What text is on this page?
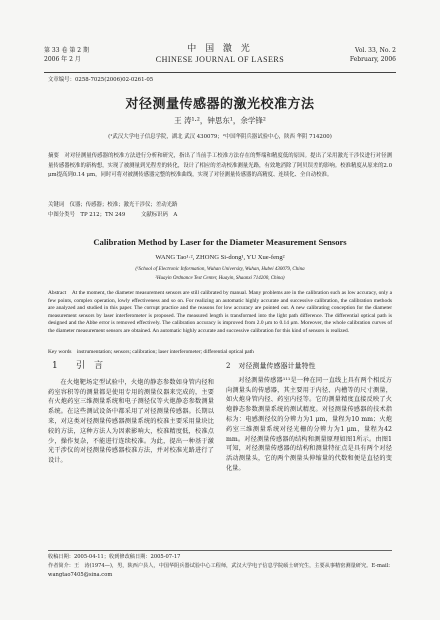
第 33 卷 第 2 期
2006 年 2 月
中 国 激 光
CHINESE JOURNAL OF LASERS
Vol. 33, No. 2
February, 2006
文章编号：0258-7025(2006)02-0261-05
对径测量传感器的激光校准方法
王 涛¹·²，钟思东¹，余学锋²
(¹武汉大学电子信息学院，湖北 武汉 430079；²中国华阴兵器试验中心，陕西 华阴 714200)
摘要　对对径测量传感器的校准方法进行分析和研究，指出了当前手工校准方法存在的弊端和精度低的原因。提出了采用激光干涉仪进行对径测量传感器校准的新构想，实现了被测量到光程差的转化，设计了相应的差动校准测量光路，有效地消除了阿贝误差的影响。校准精度从原来的2.0 μm提高到0.14 μm，同时可将对被测传感器完整的校准曲线，实现了对径测量传感器的高精度、连续化、全自动校准。
关键词　仪器；传感器；校准；激光干涉仪；差动光路
中图分类号　TP 212；TN 249	文献标识码　A
Calibration Method by Laser for the Diameter Measurement Sensors
WANG Tao¹·², ZHONG Si-dong¹, YU Xue-feng²
(¹School of Electronic Information, Wuhan University, Wuhan, Hubei 430079, China
²Huayin Ordnance Test Center, Huayin, Shaanxi 714200, China)
Abstract　At the moment, the diameter measurement sensors are still calibrated by manual. Many problems are in the calibration such as low accuracy, only a few points, complex operation, lowly effectiveness and so on. For realizing an automatic highly accurate and successive calibration, the calibration methods are analyzed and studied in this paper. The corrupt practice and the reasons for low accuracy are pointed out. A new calibrating conception for the diameter measurement sensors by laser interferometer is proposed. The measured length is transformed into the light path difference. The differential optical path is designed and the Abbe error is removed effectively. The calibration accuracy is improved from 2.0 μm to 0.14 μm. Moreover, the whole calibration curves of the diameter measurement sensors are obtained. An automatic highly accurate and successive calibration for this kind of sensors is realized.
Key words　instrumentation; sensors; calibration; laser interferometer; differential optical path
1 引　言

在火炮靶场定型试验中，火炮的静态参数如身管内径和药室容积等的测量都是使用专用的测量仪器来完成的，主要有火炮药室三维测量系统和电子测径仪等火炮静态参数测量系统。在这些测试设备中都采用了对径测量传感器。长期以来，对这类对径测量传感器测量系统的校准主要采用量块比较的方法，这种方法人为因素影响大，校准精度低，校准点少，操作复杂，不能进行连续校准。为此，提出一种基于激光干涉仪的对径测量传感器校准方法，并对校准光路进行了设计。

2 对径测量传感器计量特性

对径测量传感器¹¹¹是一种在同一直线上具有两个相反方向测量头的传感器，其主要用于内径、内槽等的尺寸测量，如火炮身管内径、药室内径等。它的测量精度直接反映了火炮静态参数测量系统的测试精度。对径测量传感器的技术指标为：电感测径仪的分辨力为1 μm，量程为10 mm；火炮药室三维测量系统对径光栅的分辨力为1 μm，量程为42 mm。对径测量传感器的结构和测量原理如图1所示。由图1可知，对径测量传感器的结构和测量特征点是具有两个对径活动测量头，它的两个测量头伸缩量的代数和便是直径的变化量。

收稿日期：2005-04-11；收到修改稿日期：2005-07-17
作者简介：王　涛(1974—)，男，陕西户县人，中国华阴兵器试验中心工程师，武汉大学电子信息学院硕士研究生，主要从事精密测量研究。E-mail: wangtao7405@sina.com
